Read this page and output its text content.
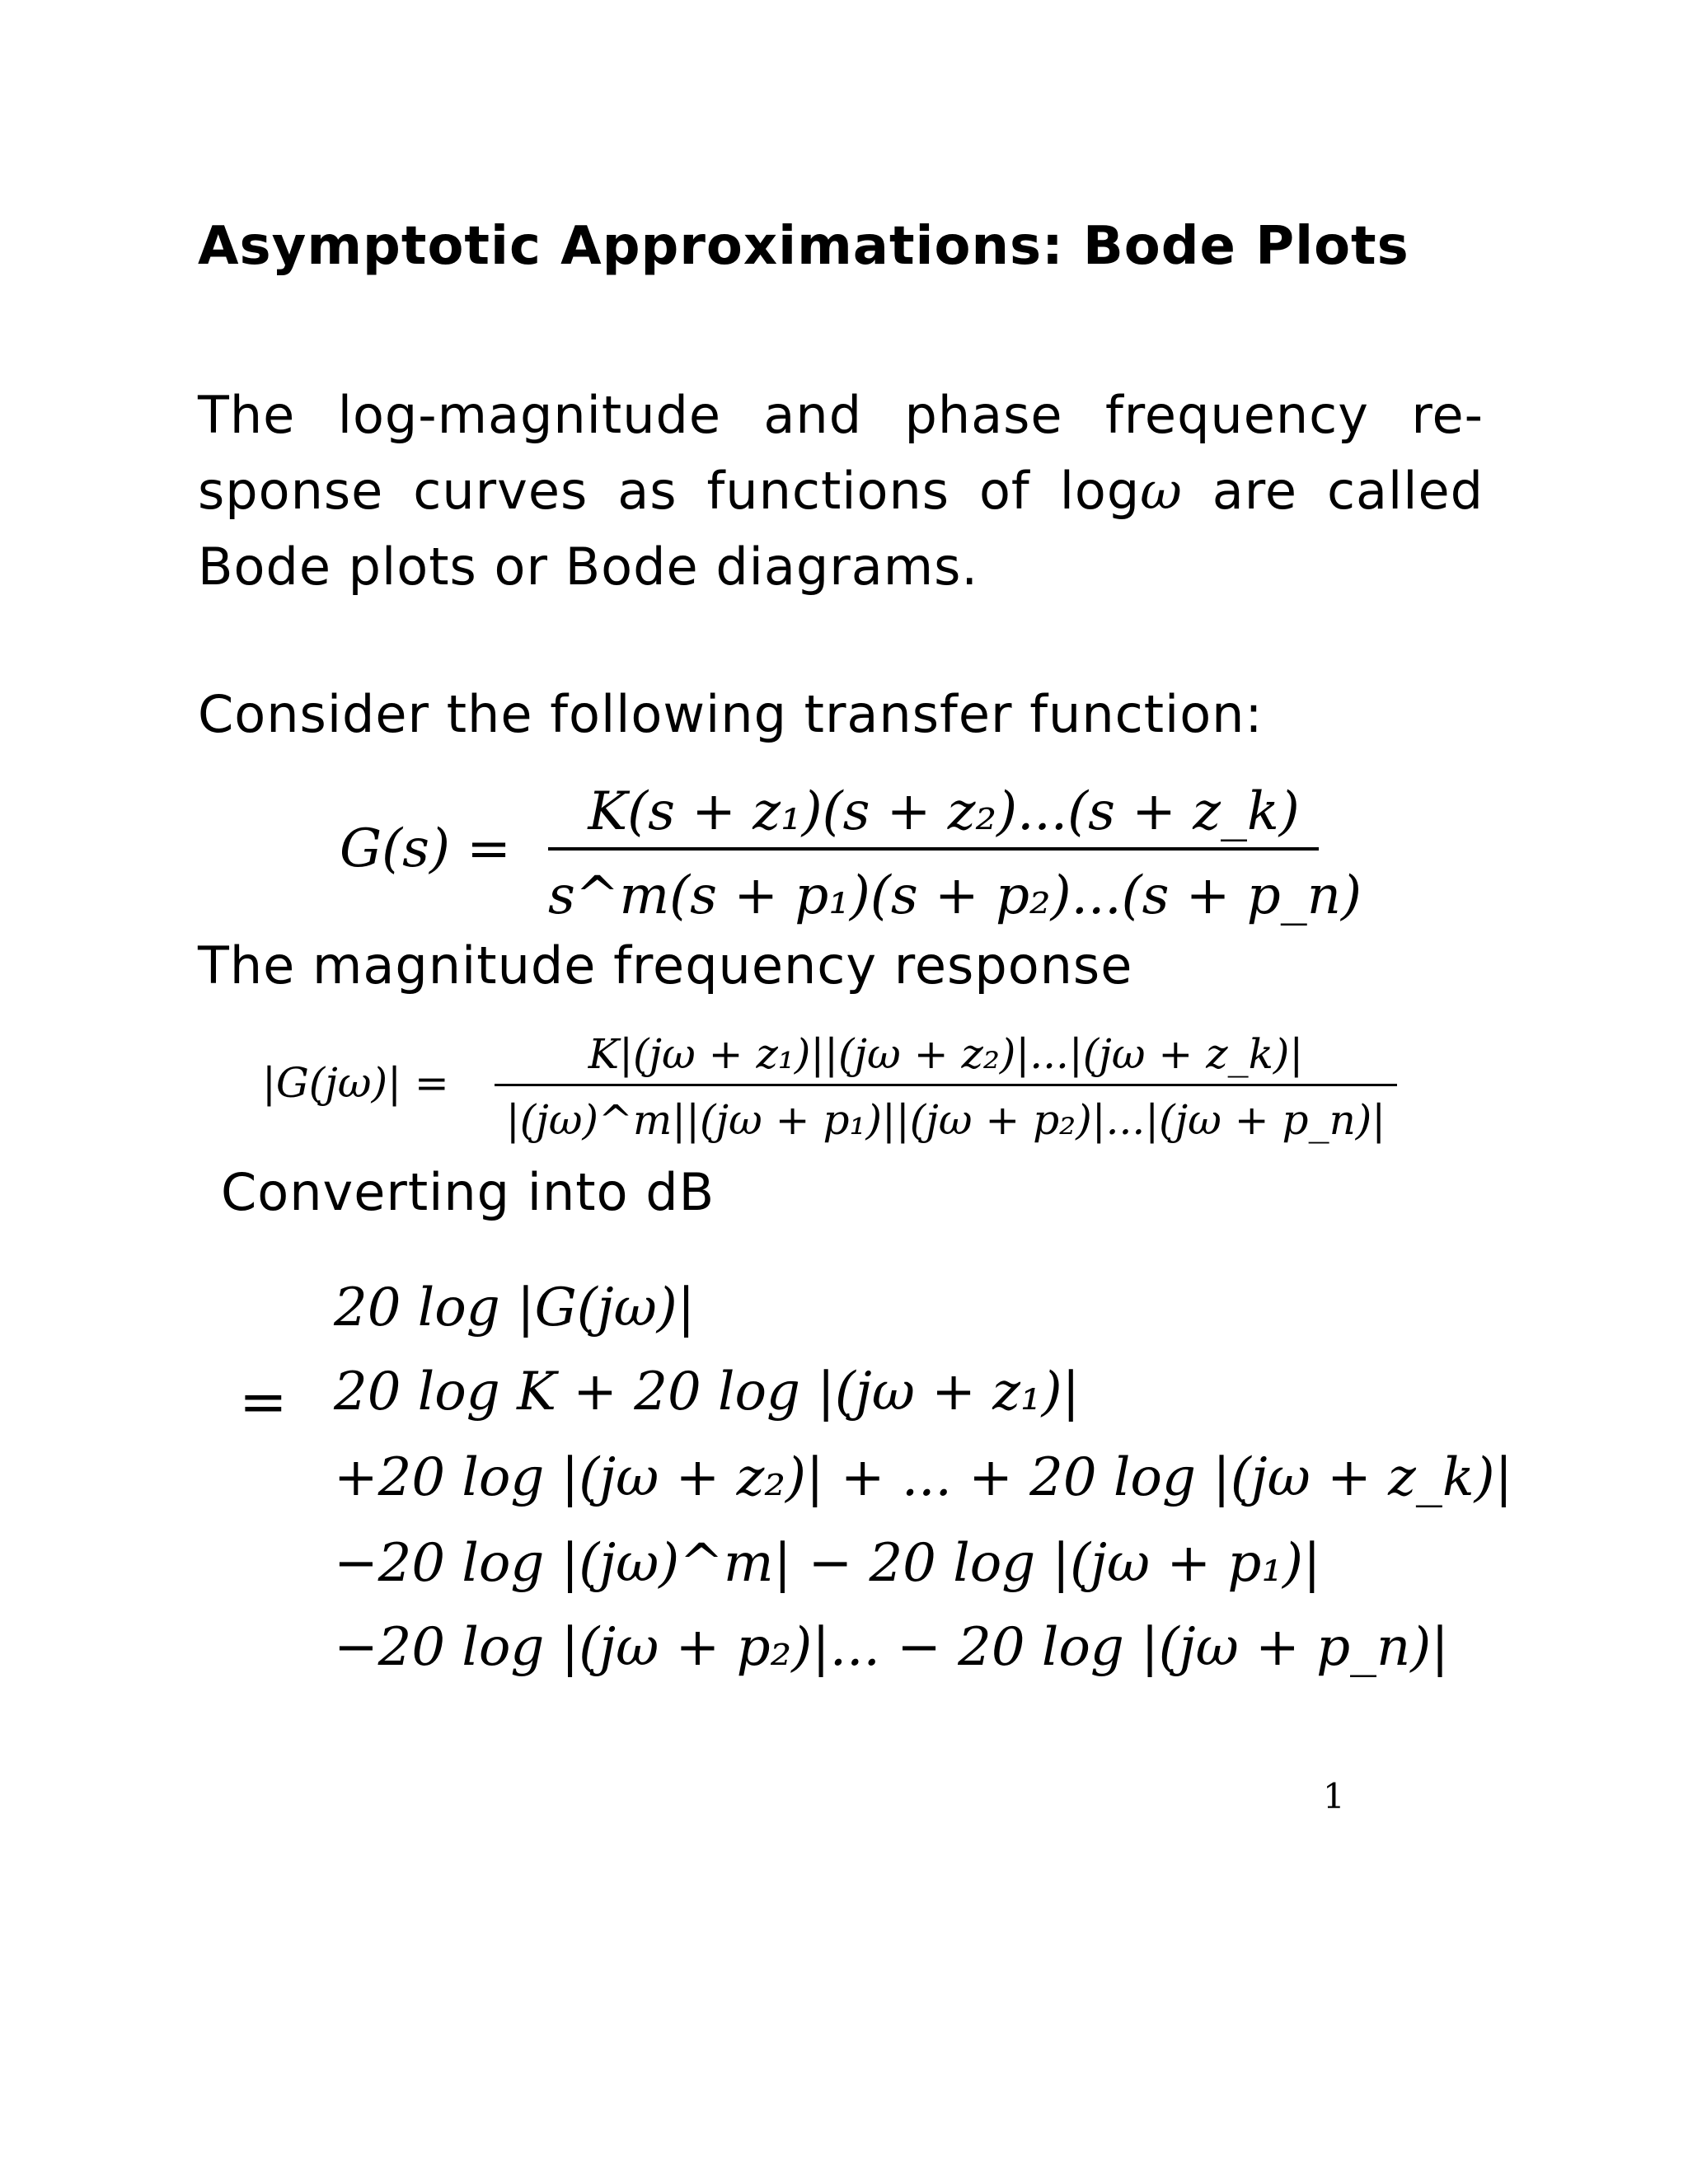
Asymptotic Approximations: Bode Plots
The log-magnitude and phase frequency re-
sponse curves as functions of logω are called
Bode plots or Bode diagrams.
Consider the following transfer function:
G(s) =
K(s + z₁)(s + z₂)...(s + z_k)
s^m(s + p₁)(s + p₂)...(s + p_n)
The magnitude frequency response
|G(jω)| =
K|(jω + z₁)||(jω + z₂)|...|(jω + z_k)|
|(jω)^m||(jω + p₁)||(jω + p₂)|...|(jω + p_n)|
Converting into dB
=
20 log |G(jω)|
20 log K + 20 log |(jω + z₁)|
+20 log |(jω + z₂)| + ... + 20 log |(jω + z_k)|
−20 log |(jω)^m| − 20 log |(jω + p₁)|
−20 log |(jω + p₂)|... − 20 log |(jω + p_n)|
1
